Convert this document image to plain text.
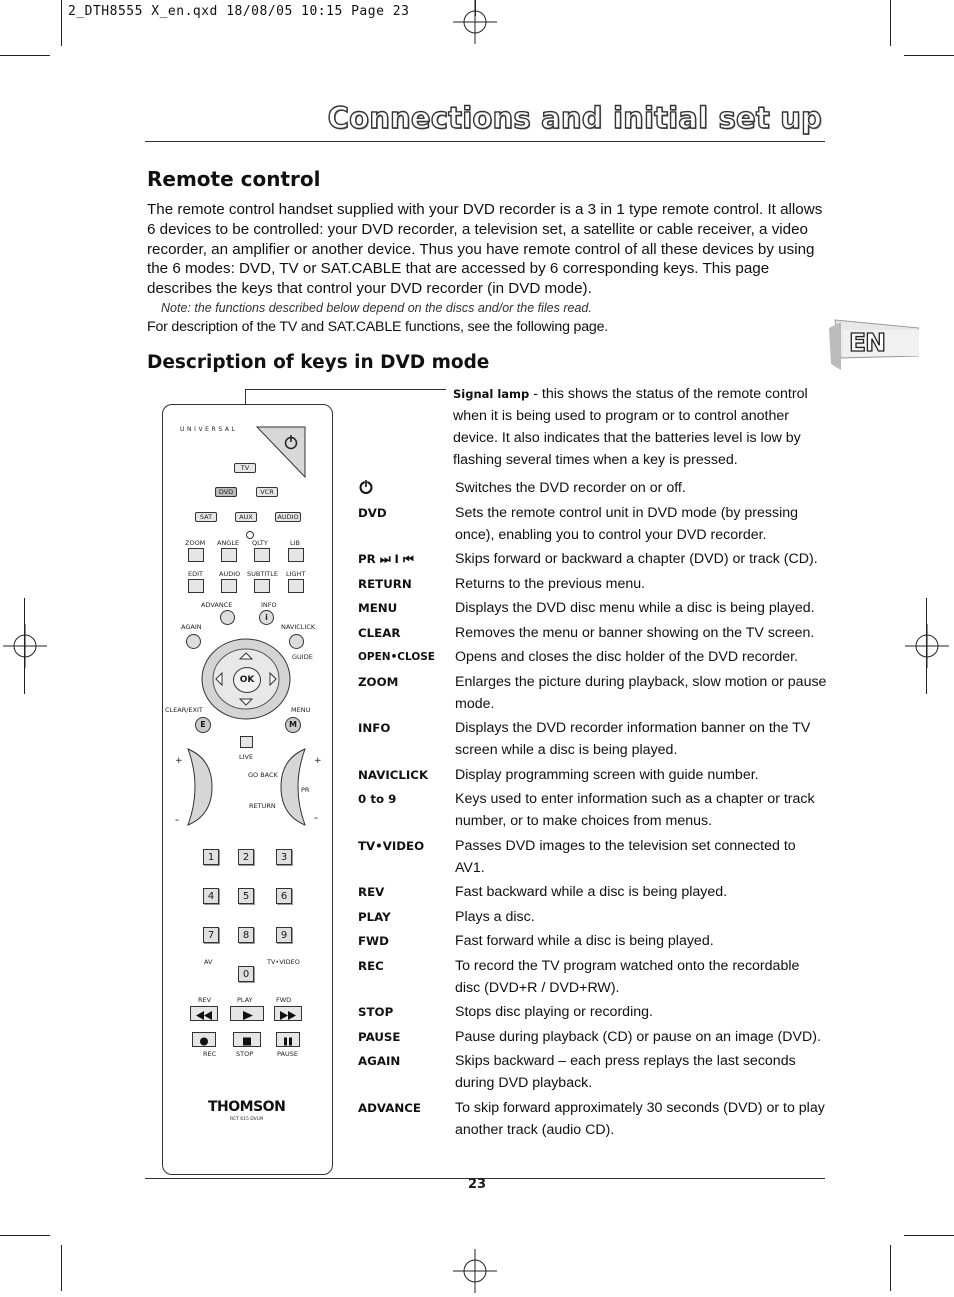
2_DTH8555 X_en.qxd 18/08/05 10:15 Page 23
Connections and initial set up
Remote control
The remote control handset supplied with your DVD recorder is a 3 in 1 type remote control. It allows 6 devices to be controlled: your DVD recorder, a television set, a satellite or cable receiver, a video recorder, an amplifier or another device. Thus you have remote control of all these devices by using the 6 modes: DVD, TV or SAT.CABLE that are accessed by 6 corresponding keys. This page describes the keys that control your DVD recorder (in DVD mode).
Note: the functions described below depend on the discs and/or the files read.
For description of the TV and SAT.CABLE functions, see the following page.
EN
Description of keys in DVD mode
Signal lamp - this shows the status of the remote control when it is being used to program or to control another device. It also indicates that the batteries level is low by flashing several times when a key is pressed.
Switches the DVD recorder on or off.
DVD	Sets the remote control unit in DVD mode (by pressing once), enabling you to control your DVD recorder.
PR ⏭ I ⏮	Skips forward or backward a chapter (DVD) or track (CD).
RETURN	Returns to the previous menu.
MENU	Displays the DVD disc menu while a disc is being played.
CLEAR	Removes the menu or banner showing on the TV screen.
OPEN•CLOSE	Opens and closes the disc holder of the DVD recorder.
ZOOM	Enlarges the picture during playback, slow motion or pause mode.
INFO	Displays the DVD recorder information banner on the TV screen while a disc is being played.
NAVICLICK	Display programming screen with guide number.
0 to 9	Keys used to enter information such as a chapter or track number, or to make choices from menus.
TV•VIDEO	Passes DVD images to the television set connected to AV1.
REV	Fast backward while a disc is being played.
PLAY	Plays a disc.
FWD	Fast forward while a disc is being played.
REC	To record the TV program watched onto the recordable disc (DVD+R / DVD+RW).
STOP	Stops disc playing or recording.
PAUSE	Pause during playback (CD) or pause on an image (DVD).
AGAIN	Skips backward – each press replays the last seconds during DVD playback.
ADVANCE	To skip forward approximately 30 seconds (DVD) or to play another track (audio CD).
UNIVERSAL
TV
DVD	VCR
SAT	AUX	AUDIO
ZOOM ANGLE QLTY	LIB
EDIT AUDIO SUBTITLE LIGHT
ADVANCE	INFO
i
AGAIN	NAVICLICK
GUIDE
OK
CLEAR/EXIT	MENU
E	M
LIVE
GO BACK
RETURN
+
-
+
-
PR
1	2	3
4	5	6
7	8	9
AV
0
TV•VIDEO
REV	PLAY	FWD
REC	STOP	PAUSE
THOMSON
RCT 615 DVLM
23
